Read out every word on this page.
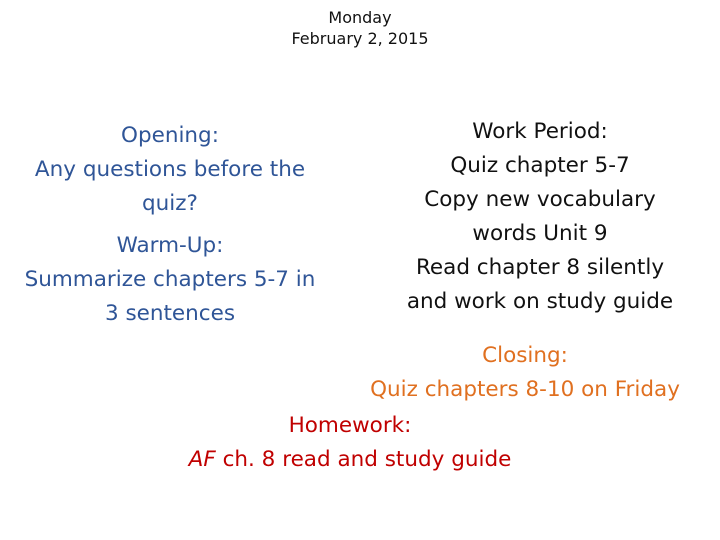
Monday
February 2, 2015
Opening:
Any questions before the
quiz?
Warm-Up:
Summarize chapters 5-7 in
3 sentences
Work Period:
Quiz chapter 5-7
Copy new vocabulary
words Unit 9
Read chapter 8 silently
and work on study guide
Closing:
Quiz chapters 8-10 on Friday
Homework:
AF ch. 8 read and study guide
